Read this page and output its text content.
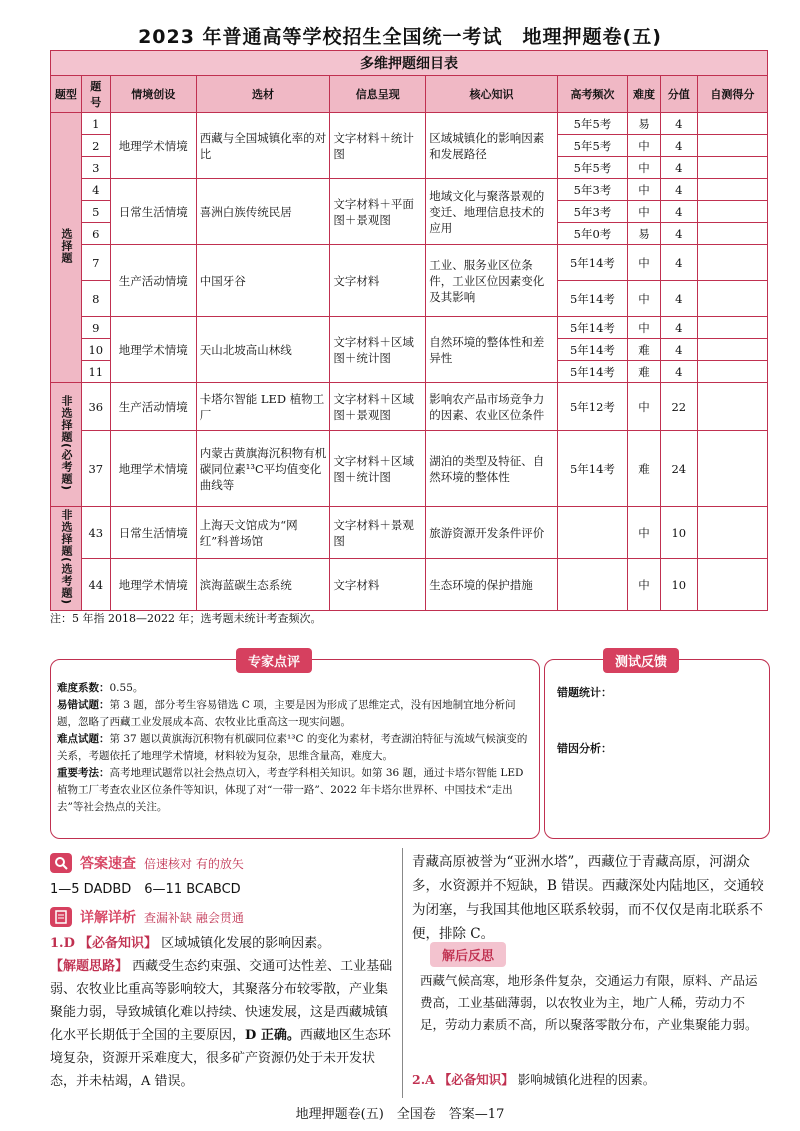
2023 年普通高等学校招生全国统一考试　地理押题卷(五)
多维押题细目表									
题型	题号	情境创设	选材	信息呈现	核心知识	高考频次	难度	分值	自测得分
选择题	1	地理学术情境	西藏与全国城镇化率的对比	文字材料＋统计图	区域城镇化的影响因素和发展路径	5年5考	易	4	
	2					5年5考	中	4	
	3					5年5考	中	4	
	4	日常生活情境	喜洲白族传统民居	文字材料＋平面图＋景观图	地域文化与聚落景观的变迁、地理信息技术的应用	5年3考	中	4	
	5					5年3考	中	4	
	6					5年0考	易	4	
	7	生产活动情境	中国牙谷	文字材料	工业、服务业区位条件，工业区位因素变化及其影响	5年14考	中	4	
	8					5年14考	中	4	
	9	地理学术情境	天山北坡高山林线	文字材料＋区域图＋统计图	自然环境的整体性和差异性	5年14考	中	4	
	10					5年14考	难	4	
	11					5年14考	难	4	
非选择题(必考题)	36	生产活动情境	卡塔尔智能 LED 植物工厂	文字材料＋区域图＋景观图	影响农产品市场竞争力的因素、农业区位条件	5年12考	中	22	
	37	地理学术情境	内蒙古黄旗海沉积物有机碳同位素¹³C平均值变化曲线等	文字材料＋区域图＋统计图	湖泊的类型及特征、自然环境的整体性	5年14考	难	24	
非选择题(选考题)	43	日常生活情境	上海天文馆成为“网红”科普场馆	文字材料＋景观图	旅游资源开发条件评价		中	10	
	44	地理学术情境	滨海蓝碳生态系统	文字材料	生态环境的保护措施		中	10	
注：5 年指 2018—2022 年；选考题未统计考查频次。
专家点评
难度系数：0.55。
易错试题：第 3 题，部分考生容易错选 C 项，主要是因为形成了思维定式，没有因地制宜地分析问题，忽略了西藏工业发展成本高、农牧业比重高这一现实问题。
难点试题：第 37 题以黄旗海沉积物有机碳同位素¹³C 的变化为素材，考查湖泊特征与流域气候演变的关系，考题依托了地理学术情境，材料较为复杂，思维含量高，难度大。
重要考法：高考地理试题常以社会热点切入，考查学科相关知识。如第 36 题，通过卡塔尔智能 LED 植物工厂考查农业区位条件等知识，体现了对“一带一路”、2022 年卡塔尔世界杯、中国技术“走出去”等社会热点的关注。
测试反馈
错题统计：
错因分析：
答案速查 倍速核对 有的放矢
1—5 DADBD　6—11 BCABCD
详解详析 查漏补缺 融会贯通
1.D 【必备知识】 区域城镇化发展的影响因素。
【解题思路】 西藏受生态约束强、交通可达性差、工业基础弱、农牧业比重高等影响较大，其聚落分布较零散，产业集聚能力弱，导致城镇化难以持续、快速发展，这是西藏城镇化水平长期低于全国的主要原因，D 正确。西藏地区生态环境复杂，资源开采难度大，很多矿产资源仍处于未开发状态，并未枯竭，A 错误。
青藏高原被誉为“亚洲水塔”，西藏位于青藏高原，河湖众多，水资源并不短缺，B 错误。西藏深处内陆地区，交通较为闭塞，与我国其他地区联系较弱，而不仅仅是南北联系不便，排除 C。
解后反思
西藏气候高寒，地形条件复杂，交通运力有限，原料、产品运费高，工业基础薄弱，以农牧业为主，地广人稀，劳动力不足，劳动力素质不高，所以聚落零散分布，产业集聚能力弱。
2.A 【必备知识】 影响城镇化进程的因素。
地理押题卷(五)　全国卷　答案—17
